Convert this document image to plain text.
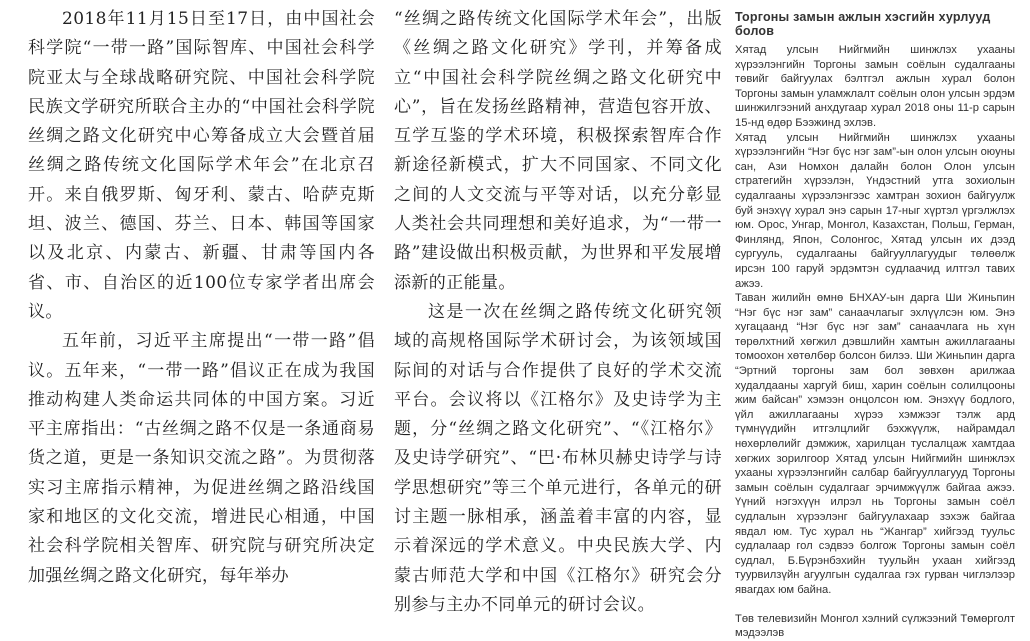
2018年11月15日至17日，由中国社会科学院“一带一路”国际智库、中国社会科学院亚太与全球战略研究院、中国社会科学院民族文学研究所联合主办的“中国社会科学院丝绸之路文化研究中心筹备成立大会暨首届丝绸之路传统文化国际学术年会”在北京召开。来自俄罗斯、匈牙利、蒙古、哈萨克斯坦、波兰、德国、芬兰、日本、韩国等国家以及北京、内蒙古、新疆、甘肃等国内各省、市、自治区的近100位专家学者出席会议。

五年前，习近平主席提出“一带一路”倡议。五年来，“一带一路”倡议正在成为我国推动构建人类命运共同体的中国方案。习近平主席指出：“古丝绸之路不仅是一条通商易货之道，更是一条知识交流之路”。为贯彻落实习主席指示精神，为促进丝绸之路沿线国家和地区的文化交流，增进民心相通，中国社会科学院相关智库、研究院与研究所决定加强丝绸之路文化研究，每年举办

“丝绸之路传统文化国际学术年会”，出版《丝绸之路文化研究》学刊，并筹备成立“中国社会科学院丝绸之路文化研究中心”，旨在发扬丝路精神，营造包容开放、互学互鉴的学术环境，积极探索智库合作新途径新模式，扩大不同国家、不同文化之间的人文交流与平等对话，以充分彰显人类社会共同理想和美好追求，为“一带一路”建设做出积极贡献，为世界和平发展增添新的正能量。

这是一次在丝绸之路传统文化研究领域的高规格国际学术研讨会，为该领域国际间的对话与合作提供了良好的学术交流平台。会议将以《江格尔》及史诗学为主题，分“丝绸之路文化研究”、“《江格尔》及史诗学研究”、“巴·布林贝赫史诗学与诗学思想研究”等三个单元进行，各单元的研讨主题一脉相承，涵盖着丰富的内容，显示着深远的学术意义。中央民族大学、内蒙古师范大学和中国《江格尔》研究会分别参与主办不同单元的研讨会议。

Торгоны замын ажлын хэсгийн хурлууд болов

Хятад улсын Нийгмийн шинжлэх ухааны хүрээлэнгийн Торгоны замын соёлын судалгааны төвийг байгуулах бэлтгэл ажлын хурал болон Торгоны замын уламжлалт соёлын олон улсын эрдэм шинжилгээний анхдугаар хурал 2018 оны 11-р сарын 15-нд өдөр Бээжинд эхлэв.

Хятад улсын Нийгмийн шинжлэх ухааны хүрээлэнгийн “Нэг бүс нэг зам”-ын олон улсын оюуны сан, Ази Номхон далайн болон Олон улсын стратегийн хүрээлэн, Үндэстний утга зохиолын судалгааны хүрээлэнгээс хамтран зохион байгуулж буй энэхүү хурал энэ сарын 17-ныг хүртэл үргэлжлэх юм. Орос, Унгар, Монгол, Казахстан, Польш, Герман, Финлянд, Япон, Солонгос, Хятад улсын их дээд сургууль, судалгааны байгууллагуудыг төлөөлж ирсэн 100 гаруй эрдэмтэн судлаачид илтгэл тавих ажээ.

Таван жилийн өмнө БНХАУ-ын дарга Ши Жиньпин “Нэг бүс нэг зам” санаачлагыг эхлүүлсэн юм. Энэ хугацаанд “Нэг бүс нэг зам” санаачлага нь хүн төрөлхтний хөгжил дэвшлийн хамтын ажиллагааны томоохон хөтөлбөр болсон билээ. Ши Жиньпин дарга “Эртний торгоны зам бол зөвхөн арилжаа худалдааны харгуй биш, харин соёлын солилцооны жим байсан” хэмээн онцолсон юм. Энэхүү бодлого, үйл ажиллагааны хүрээ хэмжээг тэлж ард түмнүүдийн итгэлцлийг бэхжүүлж, найрамдал нөхөрлөлийг дэмжиж, харилцан туслалцаж хамтдаа хөгжих зорилгоор Хятад улсын Нийгмийн шинжлэх ухааны хүрээлэнгийн салбар байгууллагууд Торгоны замын соёлын судалгааг эрчимжүүлж байгаа ажээ. Үүний нэгэхүүн илрэл нь Торгоны замын соёл судлалын хүрээлэнг байгуулахаар зэхэж байгаа явдал юм. Тус хурал нь “Жангар” хийгээд туульс судлалаар гол сэдвээ болгож Торгоны замын соёл судлал, Б.Бүрэнбэхийн туульйн ухаан хийгээд туурвилзүйн агуулгын судалгаа гэх гурван чиглэлээр явагдах юм байна.

Төв телевизийн Монгол хэлний сүлжээний Төмөрголт мэдээлэв
